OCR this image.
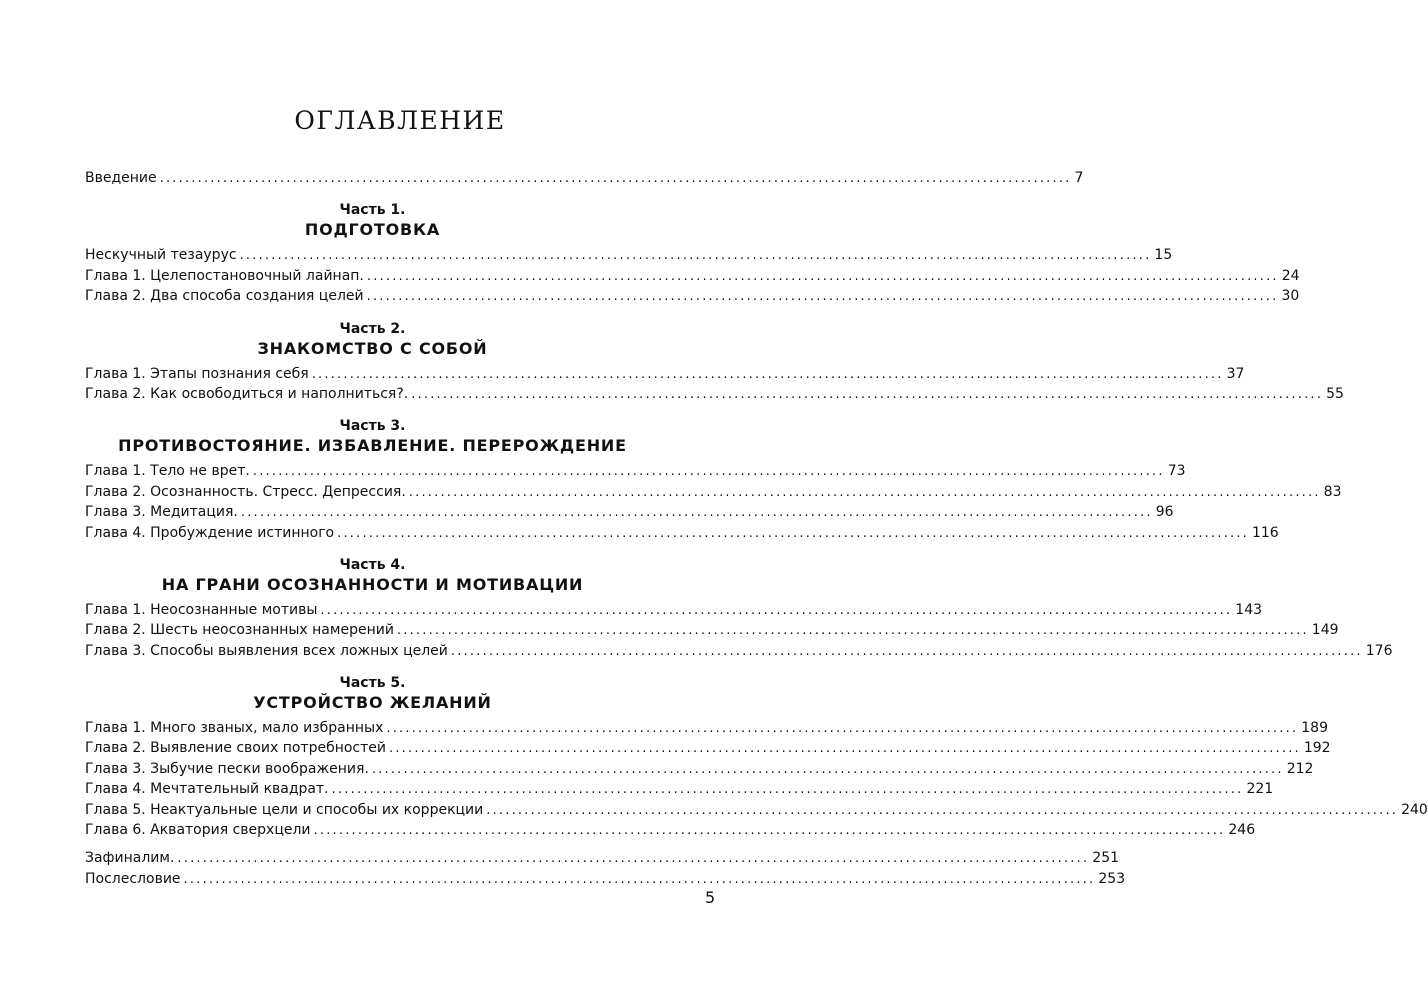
ОГЛАВЛЕНИЕ
Введение ................................................................................................................................................ 7
Часть 1.
ПОДГОТОВКА
Нескучный тезаурус ................................................................................................................................................ 15
Глава 1. Целепостановочный лайнап. ................................................................................................................................................ 24
Глава 2. Два способа создания целей ................................................................................................................................................ 30
Часть 2.
ЗНАКОМСТВО С СОБОЙ
Глава 1. Этапы познания себя ................................................................................................................................................ 37
Глава 2. Как освободиться и наполниться?. ................................................................................................................................................ 55
Часть 3.
ПРОТИВОСТОЯНИЕ. ИЗБАВЛЕНИЕ. ПЕРЕРОЖДЕНИЕ
Глава 1. Тело не врет. ................................................................................................................................................ 73
Глава 2. Осознанность. Стресс. Депрессия. ................................................................................................................................................ 83
Глава 3. Медитация. ................................................................................................................................................ 96
Глава 4. Пробуждение истинного ................................................................................................................................................ 116
Часть 4.
НА ГРАНИ ОСОЗНАННОСТИ И МОТИВАЦИИ
Глава 1. Неосознанные мотивы ................................................................................................................................................ 143
Глава 2. Шесть неосознанных намерений ................................................................................................................................................ 149
Глава 3. Способы выявления всех ложных целей ................................................................................................................................................ 176
Часть 5.
УСТРОЙСТВО ЖЕЛАНИЙ
Глава 1. Много званых, мало избранных ................................................................................................................................................ 189
Глава 2. Выявление своих потребностей ................................................................................................................................................ 192
Глава 3. Зыбучие пески воображения. ................................................................................................................................................ 212
Глава 4. Мечтательный квадрат. ................................................................................................................................................ 221
Глава 5. Неактуальные цели и способы их коррекции ................................................................................................................................................ 240
Глава 6. Акватория сверхцели ................................................................................................................................................ 246
Зафиналим. ................................................................................................................................................ 251
Послесловие ................................................................................................................................................ 253
5
